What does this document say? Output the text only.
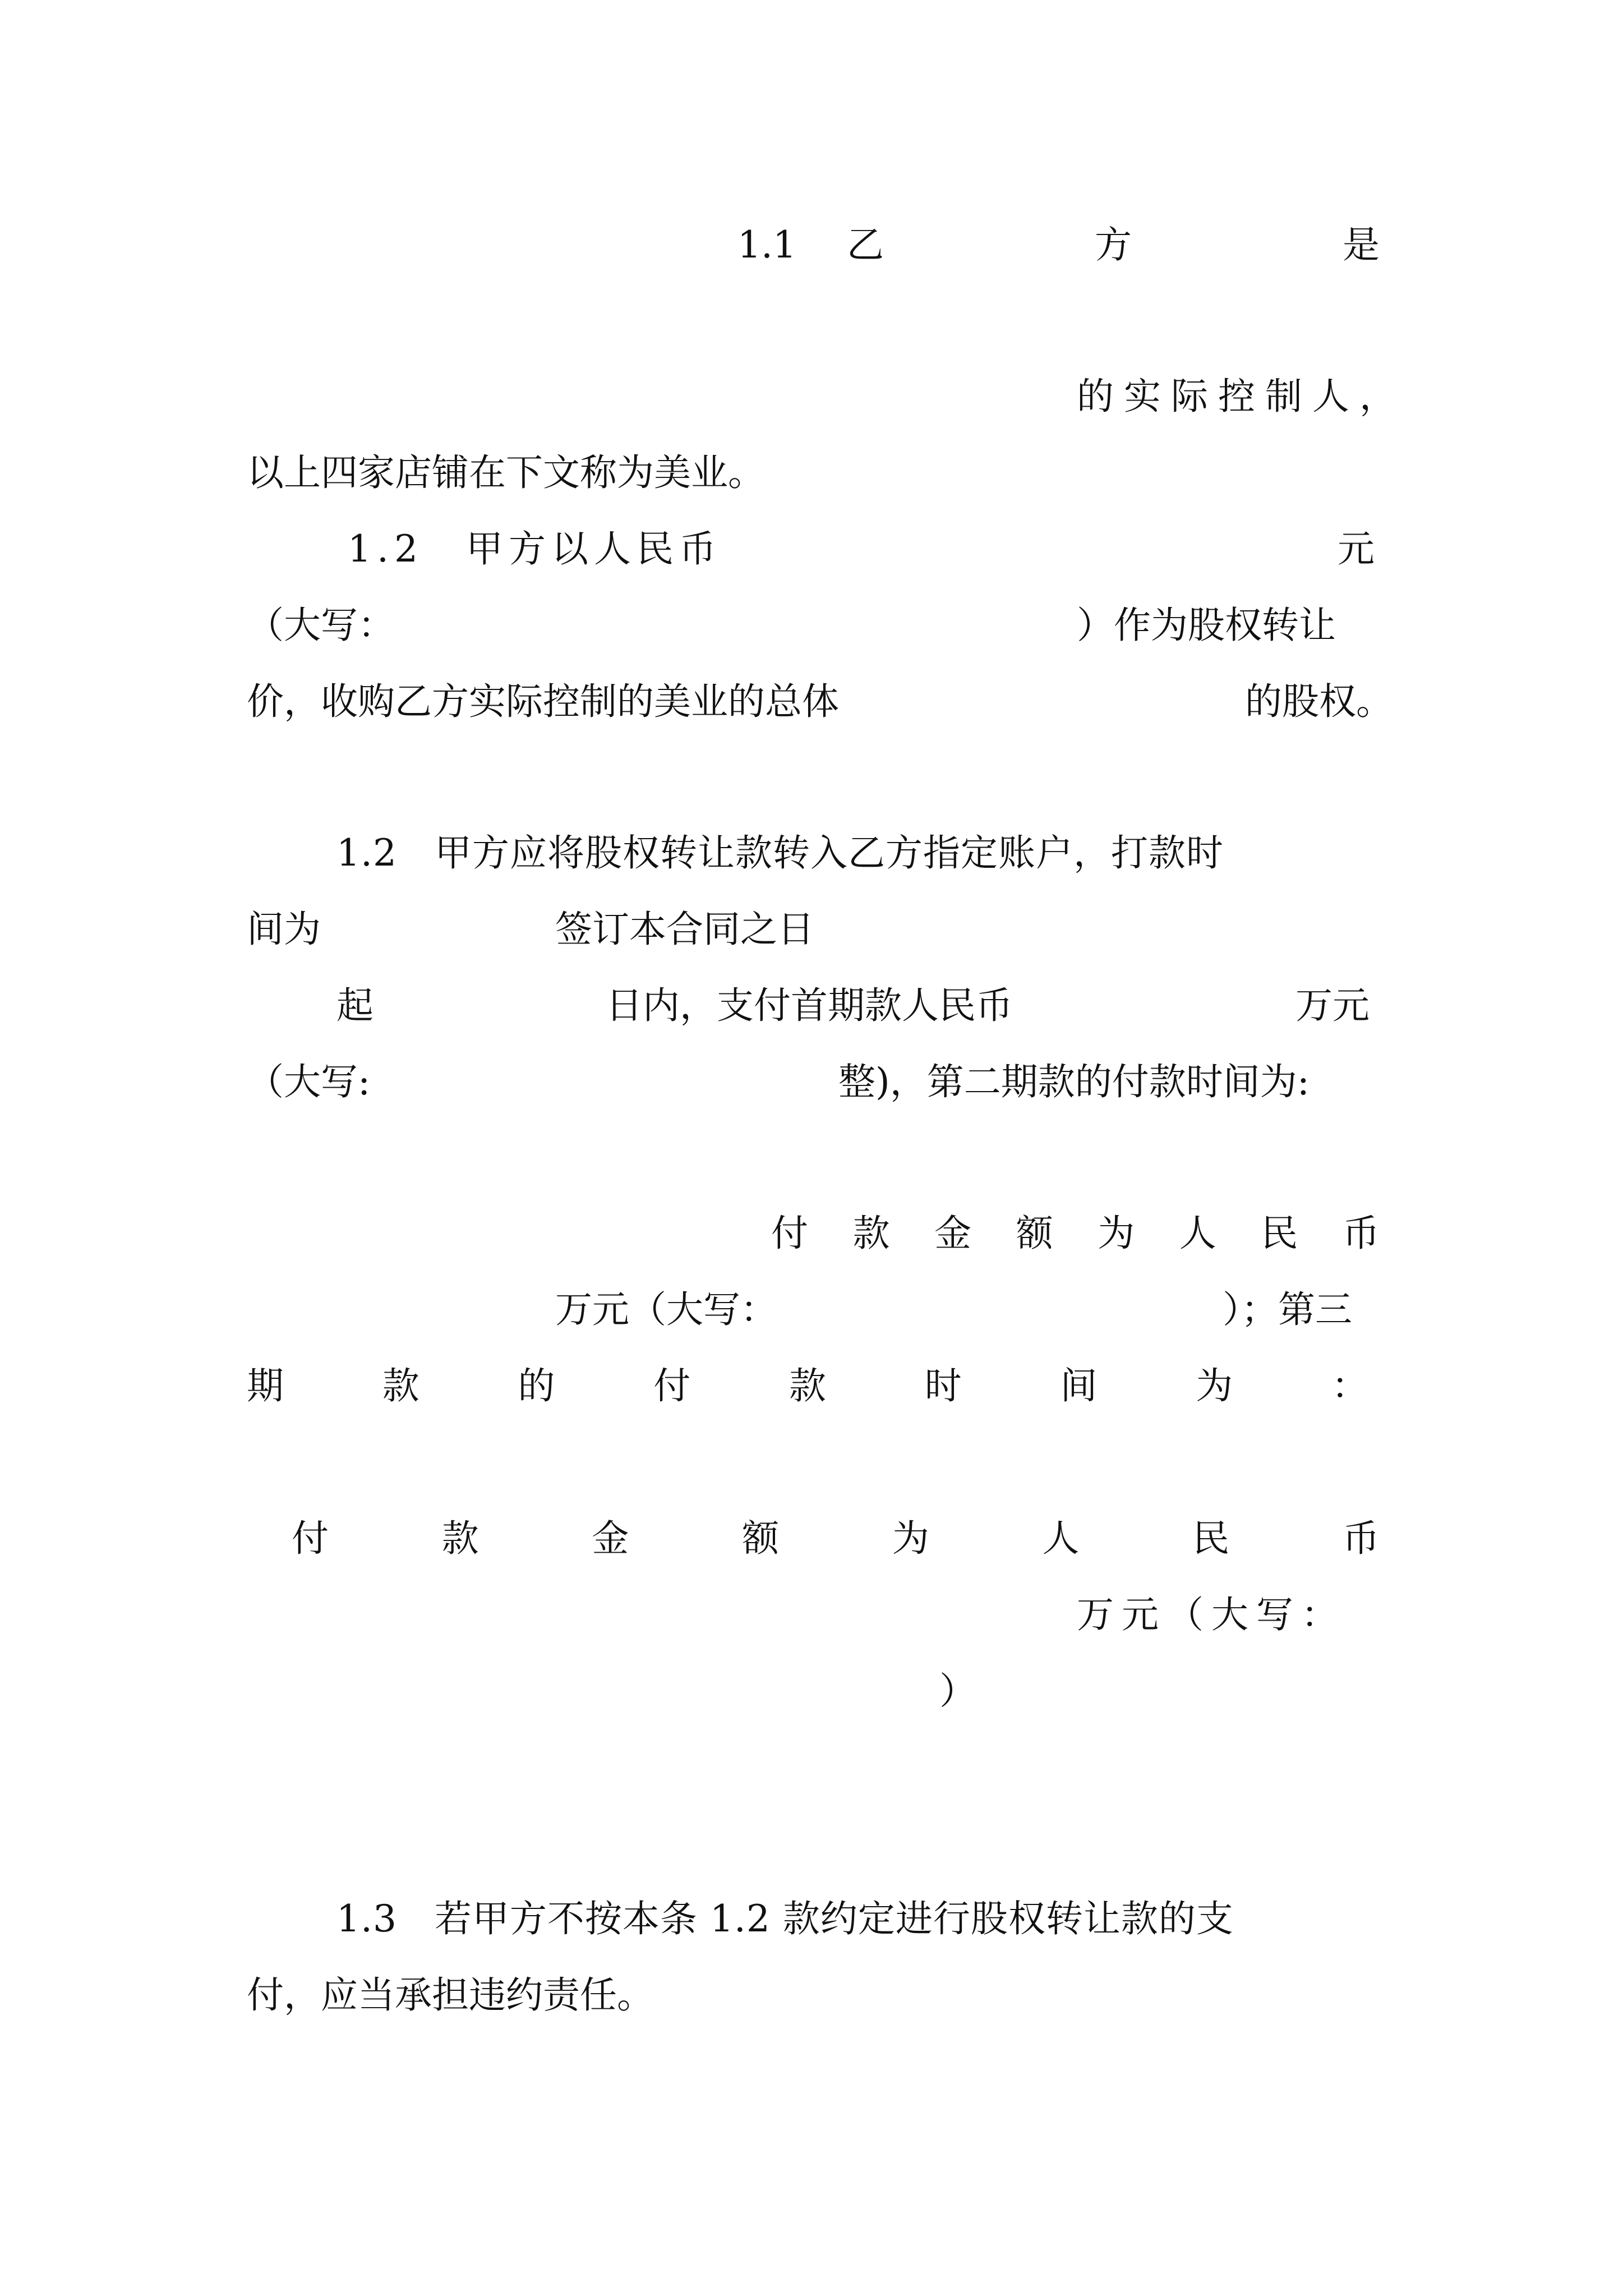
1.1 乙	方	是
的实际控制人，
以上四家店铺在下文称为美业。
1.2　甲方以人民币	元
（大写：	）作为股权转让
价，收购乙方实际控制的美业的总体	的股权。
1.2　甲方应将股权转让款转入乙方指定账户，打款时
间为	签订本合同之日
起	日内，支付首期款人民币	万元
（大写:	整)，第二期款的付款时间为:
付 款 金 额 为 人 民 币
万元（大写：	）；第三
期	款	的	付	款	时	间	为	：
付	款	金	额	为	人	民	币
万元（大写：
）
1.3　若甲方不按本条 1.2 款约定进行股权转让款的支
付，应当承担违约责任。
